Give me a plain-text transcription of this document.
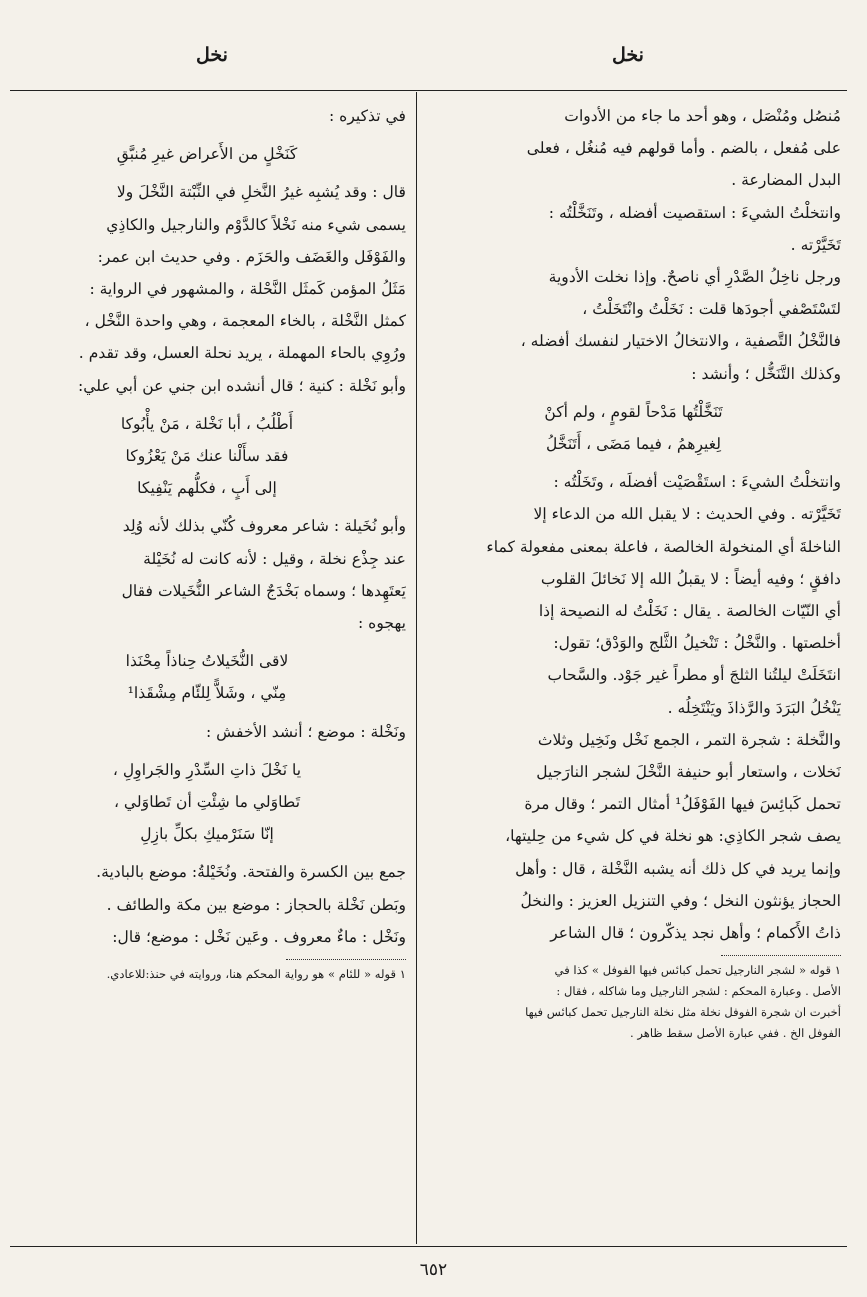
نخل
نخل
مُنصُل ومُنْصَل ، وهو أحد ما جاء من الأدوات
على مُفعل ، بالضم . وأما قولهم فيه مُنغُل ، فعلى
البدل المضارعة .
وانتخلْتُ الشيءَ : استقصيت أفضله ، وتَنَخَّلْتُه :
تَخَيَّرْته .
ورجل ناخِلُ الصَّدْرِ أي ناصحٌ. وإذا نخلت الأدوية
لتَسْتَصْفي أجودَها قلت : نَخَلْتُ وانْتَخَلْتُ ،
فالنَّخْلُ التَّصفية ، والانتخالُ الاختيار لنفسك أفضله ،
وكذلك التَّنَخُّل ؛ وأنشد :
تَنَخَّلْتُها مَدْحاً لقومٍ ، ولم أكنْ
لِغيرِهمُ ، فيما مَضَى ، أَتَنَخَّلُ
وانتخلْتُ الشيءَ : استَقْصَيْت أفضلَه ، وتَخَلْتُه :
تَخَيَّرْته . وفي الحديث : لا يقبل الله من الدعاء إلا
الناخلةَ أي المنخولة الخالصة ، فاعلة بمعنى مفعولة كماء
دافقٍ ؛ وفيه أيضاً : لا يقبلُ الله إلا نَخائلَ القلوب
أي النّيّات الخالصة . يقال : نَخَلْتُ له النصيحة إذا
أخلصتها . والنَّخْلُ : تَنْخيلُ الثَّلج والوَدْق؛ تقول:
انتَخَلَتْ ليلتُنا الثلجَ أو مطراً غير جَوْد. والسَّحاب
يَنْخُلُ البَرَدَ والرَّذاذَ ويَنْتَخِلُه .
والنَّخلة : شجرة التمر ، الجمع نَخْل ونَخِيل وثلاث
نَخلات ، واستعار أبو حنيفة النَّخْلَ لشجر النارَجيل
تحمل كَبائِسَ فيها الفَوْفَلُ¹ أمثال التمر ؛ وقال مرة
يصف شجر الكاذِي: هو نخلة في كل شيء من حِليتها،
وإنما يريد في كل ذلك أنه يشبه النَّخْلة ، قال : وأهل
الحجاز يؤنثون النخل ؛ وفي التنزيل العزيز : والنخلُ
ذاتُ الأَكمام ؛ وأهل نجد يذكّرون ؛ قال الشاعر
١ قوله « لشجر النارجيل تحمل كبائس فيها الفوفل » كذا في
الأصل . وعبارة المحكم : لشجر النارجيل وما شاكله ، فقال :
أخبرت ان شجرة الفوفل نخلة مثل نخلة النارجيل تحمل كبائس فيها
الفوفل الخ . ففي عبارة الأصل سقط ظاهر .
في تذكيره :
كَنَخْلٍ من الأَعراض غيرِ مُنبَّقِ
قال : وقد يُشبِه غيرُ النَّخلِ في النِّبْتة النَّخْلَ ولا
يسمى شيء منه نَخْلاً كالدَّوْم والنارجيل والكاذِي
والفَوْفَل والغَضَف والحَزَم . وفي حديث ابن عمر:
مَثَلُ المؤمن كَمثَل النَّحْلة ، والمشهور في الرواية :
كمثل النَّخْلة ، بالخاء المعجمة ، وهي واحدة النَّخْل ،
ورُوِي بالحاء المهملة ، يريد نحلة العسل، وقد تقدم .
وأبو نَخْلة : كنية ؛ قال أنشده ابن جني عن أبي علي:
أَطْلُبُ ، أبا نَخْلة ، مَنْ يأْبُوكا
فقد سأَلْنا عنك مَنْ يَعْزُوكا
إلى أَبٍ ، فكلُّهم يَنْفِيكا
وأبو نُخَيلة : شاعر معروف كُنّي بذلك لأنه وُلِد
عند جِذْع نخلة ، وقيل : لأنه كانت له نُخَيْلة
يَعتَهِدها ؛ وسماه بَخْدَجٌ الشاعر النُّخَيلات فقال
يهجوه :
لاقى النُّخَيلاتُ حِناذاً مِحْنَذا
مِنّي ، وشَلاًّ لِلئّام مِشْقَذا¹
ونَخْلة : موضع ؛ أنشد الأخفش :
يا نَخْلَ ذاتِ السِّدْرِ والجَراوِلِ ،
تَطاوَلي ما شِئْتِ أن تَطاوَلي ،
إنّا سَنَرْميكِ بكلِّ بازِلِ
جمع بين الكسرة والفتحة. ونُخَيْلةُ: موضع بالبادية.
وبَطن نَخْلة بالحجاز : موضع بين مكة والطائف .
ونَخْل : ماءٌ معروف . وعَين نَخْل : موضع؛ قال:
١ قوله « للئام » هو رواية المحكم هنا، وروايته في حنذ:للاعادي.
٦٥٢
